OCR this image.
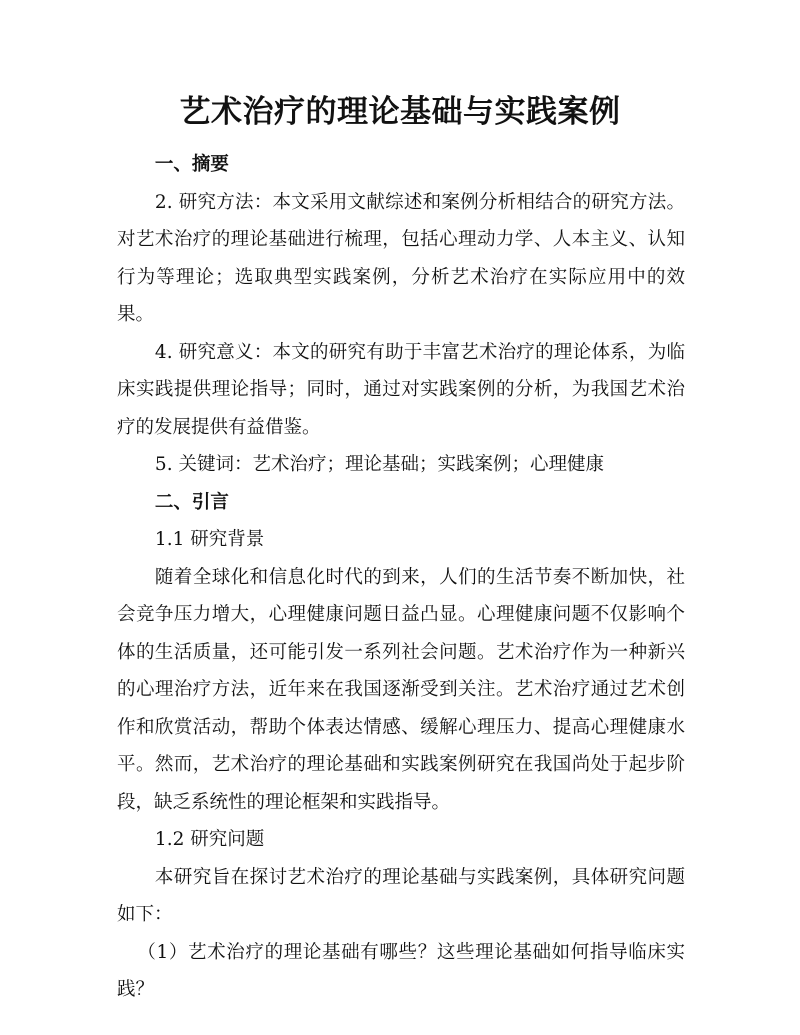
艺术治疗的理论基础与实践案例

一、摘要

2. 研究方法：本文采用文献综述和案例分析相结合的研究方法。对艺术治疗的理论基础进行梳理，包括心理动力学、人本主义、认知行为等理论；选取典型实践案例，分析艺术治疗在实际应用中的效果。

4. 研究意义：本文的研究有助于丰富艺术治疗的理论体系，为临床实践提供理论指导；同时，通过对实践案例的分析，为我国艺术治疗的发展提供有益借鉴。

5. 关键词：艺术治疗；理论基础；实践案例；心理健康

二、引言

1.1 研究背景

随着全球化和信息化时代的到来，人们的生活节奏不断加快，社会竞争压力增大，心理健康问题日益凸显。心理健康问题不仅影响个体的生活质量，还可能引发一系列社会问题。艺术治疗作为一种新兴的心理治疗方法，近年来在我国逐渐受到关注。艺术治疗通过艺术创作和欣赏活动，帮助个体表达情感、缓解心理压力、提高心理健康水平。然而，艺术治疗的理论基础和实践案例研究在我国尚处于起步阶段，缺乏系统性的理论框架和实践指导。

1.2 研究问题

本研究旨在探讨艺术治疗的理论基础与实践案例，具体研究问题如下：

（1）艺术治疗的理论基础有哪些？这些理论基础如何指导临床实践？
